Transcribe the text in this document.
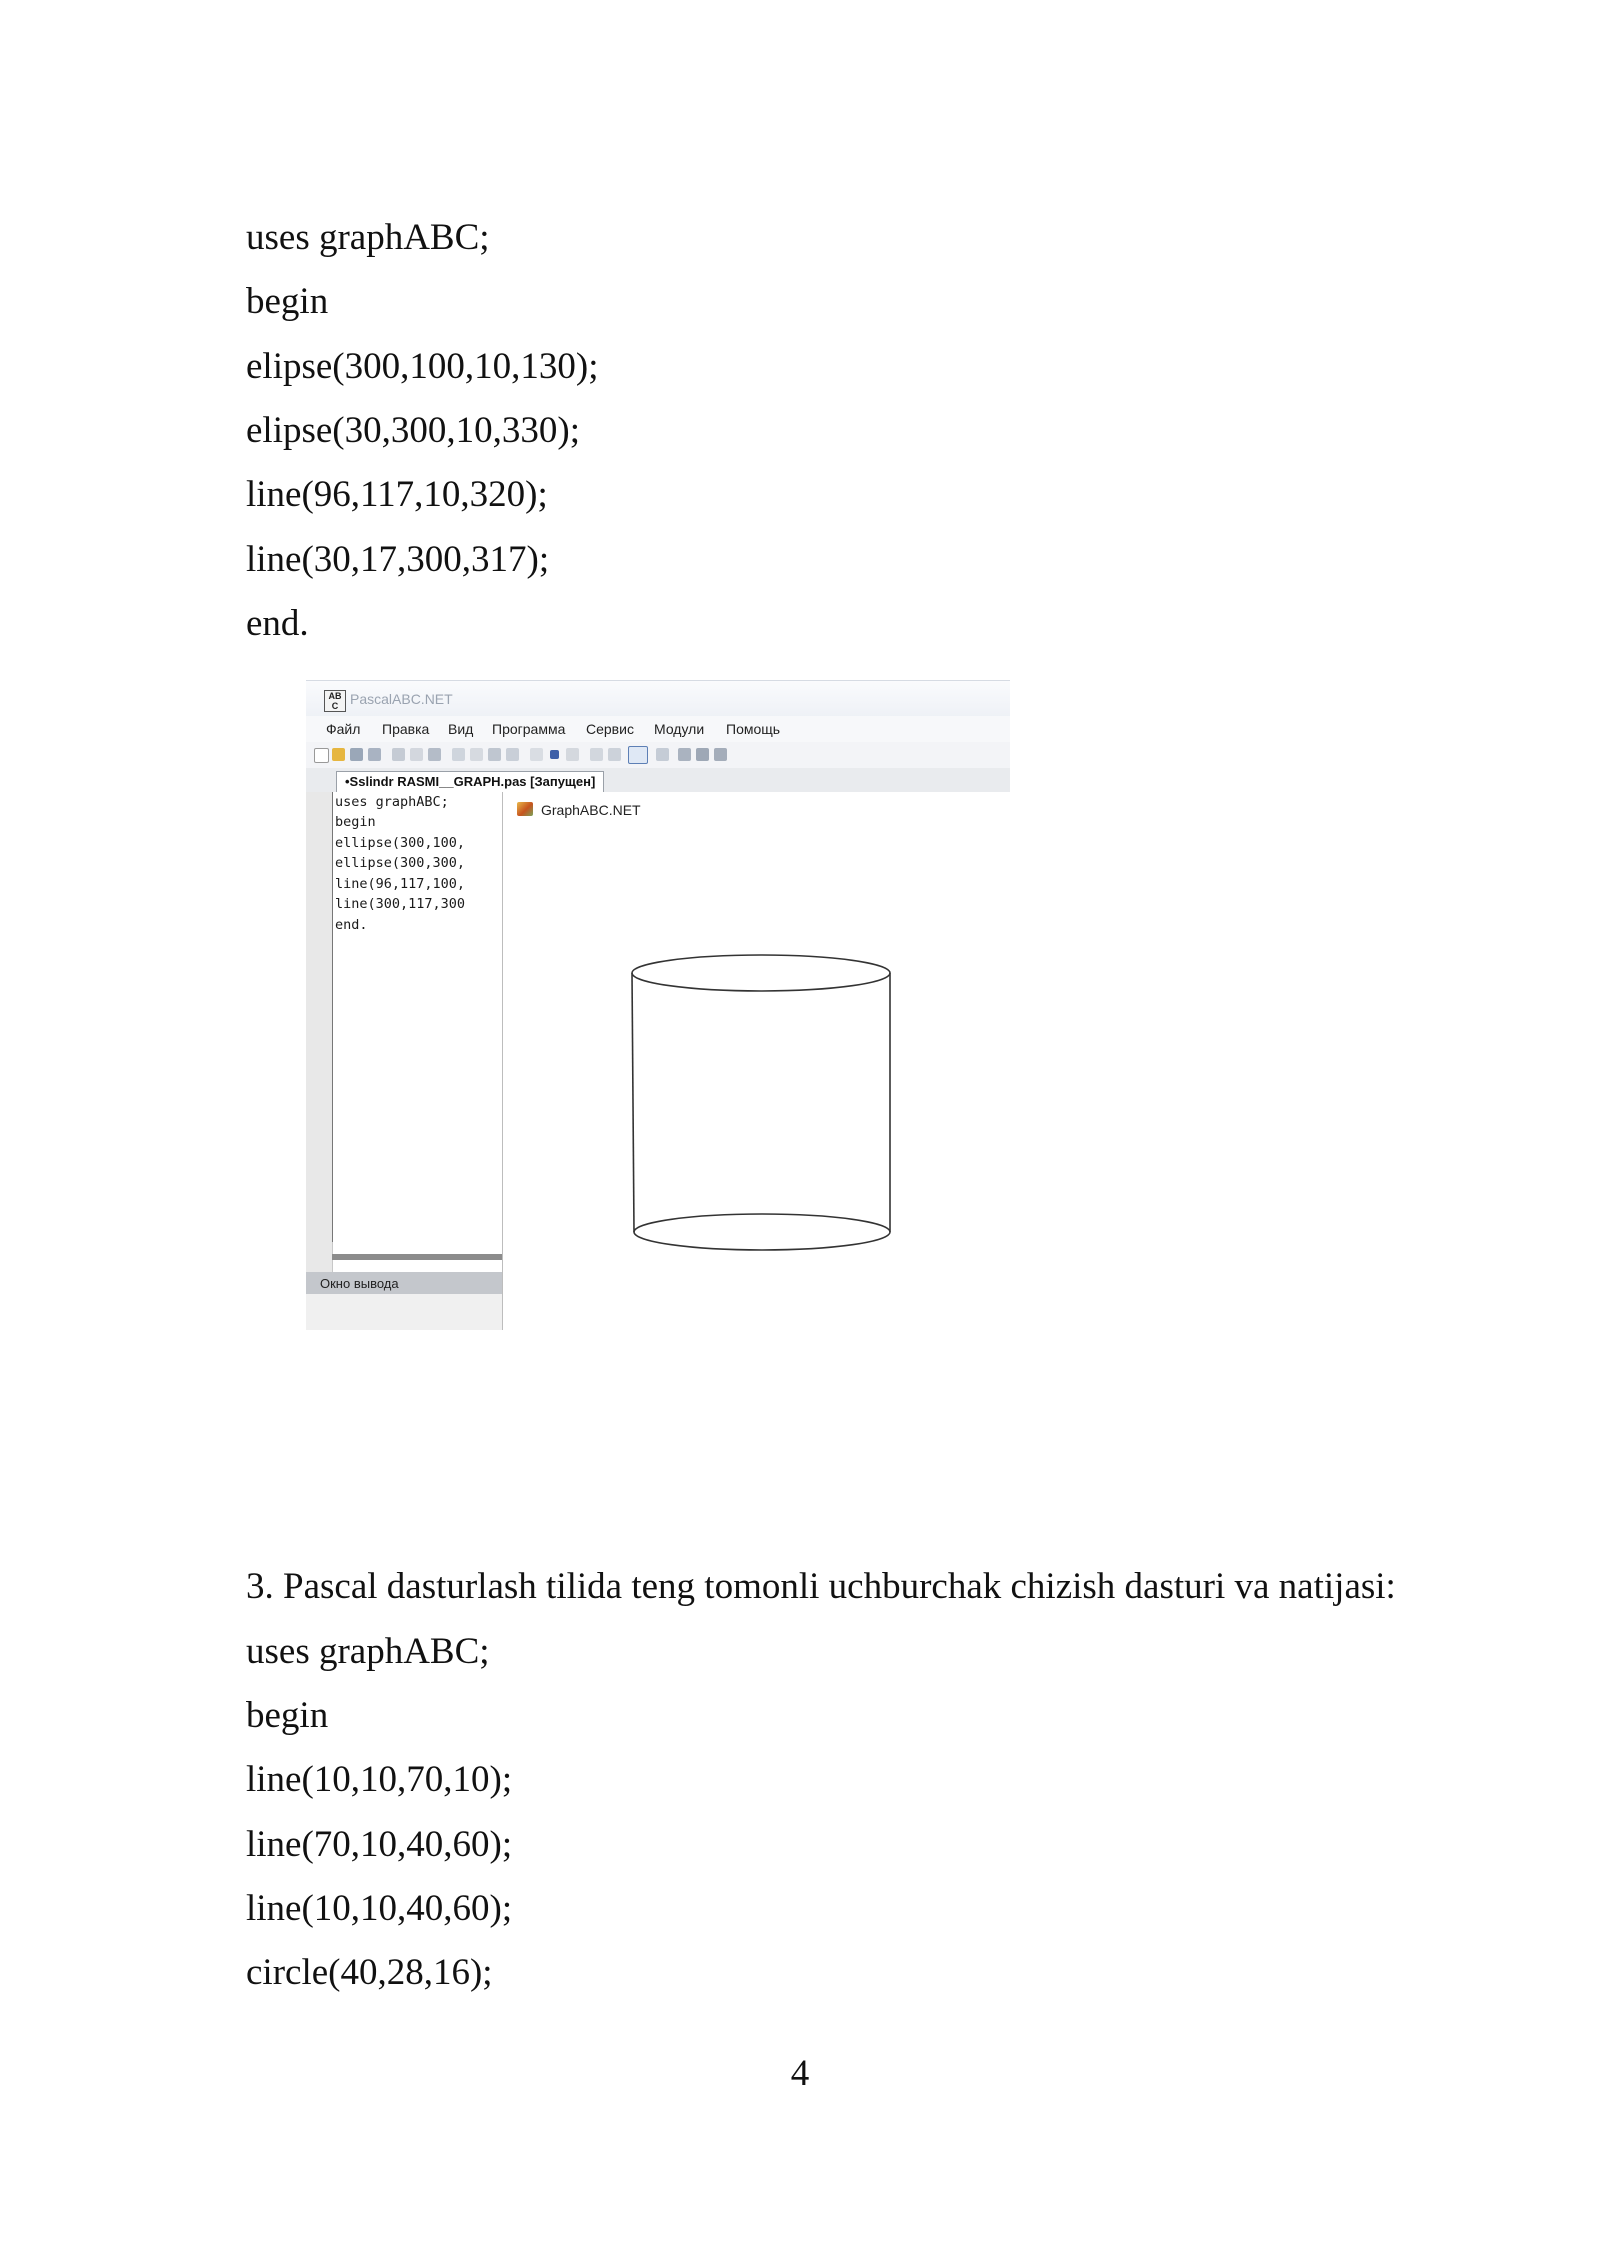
uses graphABC;
begin
elipse(300,100,10,130);
elipse(30,300,10,330);
line(96,117,10,320);
line(30,17,300,317);
end.
AB
C PascalABC.NET
Файл Правка Вид Программа Сервис Модули Помощь
•Sslindr RASMI__GRAPH.pas [Запущен]
uses graphABC;
begin
ellipse(300,100,
ellipse(300,300,
line(96,117,100,
line(300,117,300
end.
Окно вывода
GraphABC.NET
3. Pascal dasturlash tilida teng tomonli uchburchak chizish dasturi va natijasi:
uses graphABC;
begin
line(10,10,70,10);
line(70,10,40,60);
line(10,10,40,60);
circle(40,28,16);
4
